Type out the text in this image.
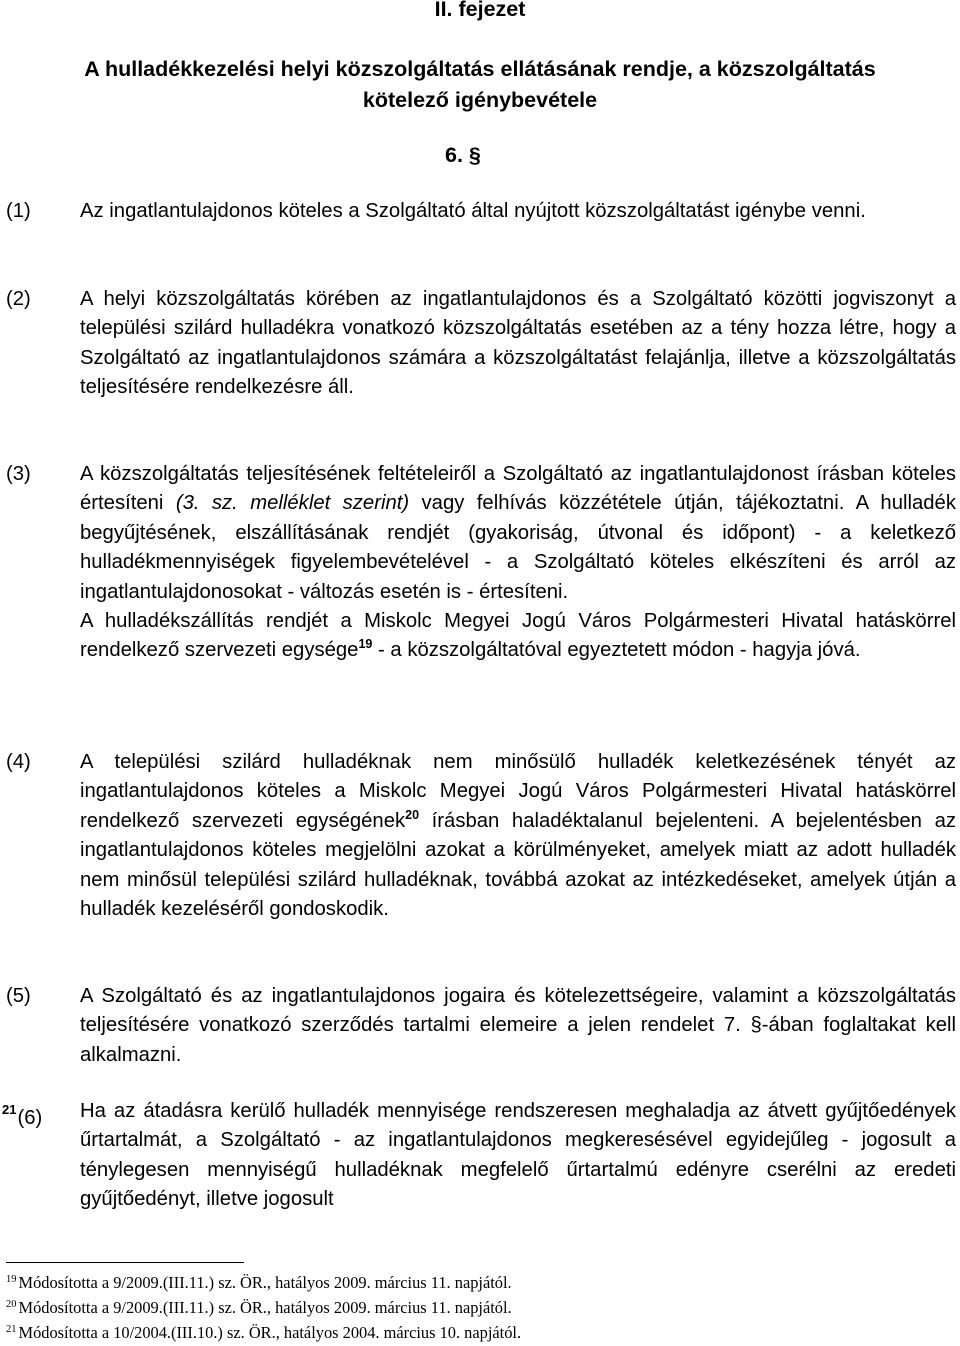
II. fejezet
A hulladékkezelési helyi közszolgáltatás ellátásának rendje, a közszolgáltatás
kötelező igénybevétele
6. §
(1) Az ingatlantulajdonos köteles a Szolgáltató által nyújtott közszolgáltatást igénybe venni.
(2) A helyi közszolgáltatás körében az ingatlantulajdonos és a Szolgáltató közötti jogviszonyt a települési szilárd hulladékra vonatkozó közszolgáltatás esetében az a tény hozza létre, hogy a Szolgáltató az ingatlantulajdonos számára a közszolgáltatást felajánlja, illetve a közszolgáltatás teljesítésére rendelkezésre áll.
(3) A közszolgáltatás teljesítésének feltételeiről a Szolgáltató az ingatlantulajdonost írásban köteles értesíteni (3. sz. melléklet szerint) vagy felhívás közzététele útján, tájékoztatni. A hulladék begyűjtésének, elszállításának rendjét (gyakoriság, útvonal és időpont) - a keletkező hulladékmennyiségek figyelembevételével - a Szolgáltató köteles elkészíteni és arról az ingatlantulajdonosokat - változás esetén is - értesíteni.
A hulladékszállítás rendjét a Miskolc Megyei Jogú Város Polgármesteri Hivatal hatáskörrel rendelkező szervezeti egysége$^{19}$ - a közszolgáltatóval egyeztetett módon - hagyja jóvá.
(4) A települési szilárd hulladéknak nem minősülő hulladék keletkezésének tényét az ingatlantulajdonos köteles a Miskolc Megyei Jogú Város Polgármesteri Hivatal hatáskörrel rendelkező szervezeti egységének$^{20}$ írásban haladéktalanul bejelenteni. A bejelentésben az ingatlantulajdonos köteles megjelölni azokat a körülményeket, amelyek miatt az adott hulladék nem minősül települési szilárd hulladéknak, továbbá azokat az intézkedéseket, amelyek útján a hulladék kezeléséről gondoskodik.
(5) A Szolgáltató és az ingatlantulajdonos jogaira és kötelezettségeire, valamint a közszolgáltatás teljesítésére vonatkozó szerződés tartalmi elemeire a jelen rendelet 7. §-ában foglaltakat kell alkalmazni.
$^{21}$(6) Ha az átadásra kerülő hulladék mennyisége rendszeresen meghaladja az átvett gyűjtőedények űrtartalmát, a Szolgáltató - az ingatlantulajdonos megkeresésével egyidejűleg - jogosult a ténylegesen mennyiségű hulladéknak megfelelő űrtartalmú edényre cserélni az eredeti gyűjtőedényt, illetve jogosult
$^{19}$ Módosította a 9/2009.(III.11.) sz. ÖR., hatályos 2009. március 11. napjától.
$^{20}$ Módosította a 9/2009.(III.11.) sz. ÖR., hatályos 2009. március 11. napjától.
$^{21}$ Módosította a 10/2004.(III.10.) sz. ÖR., hatályos 2004. március 10. napjától.
